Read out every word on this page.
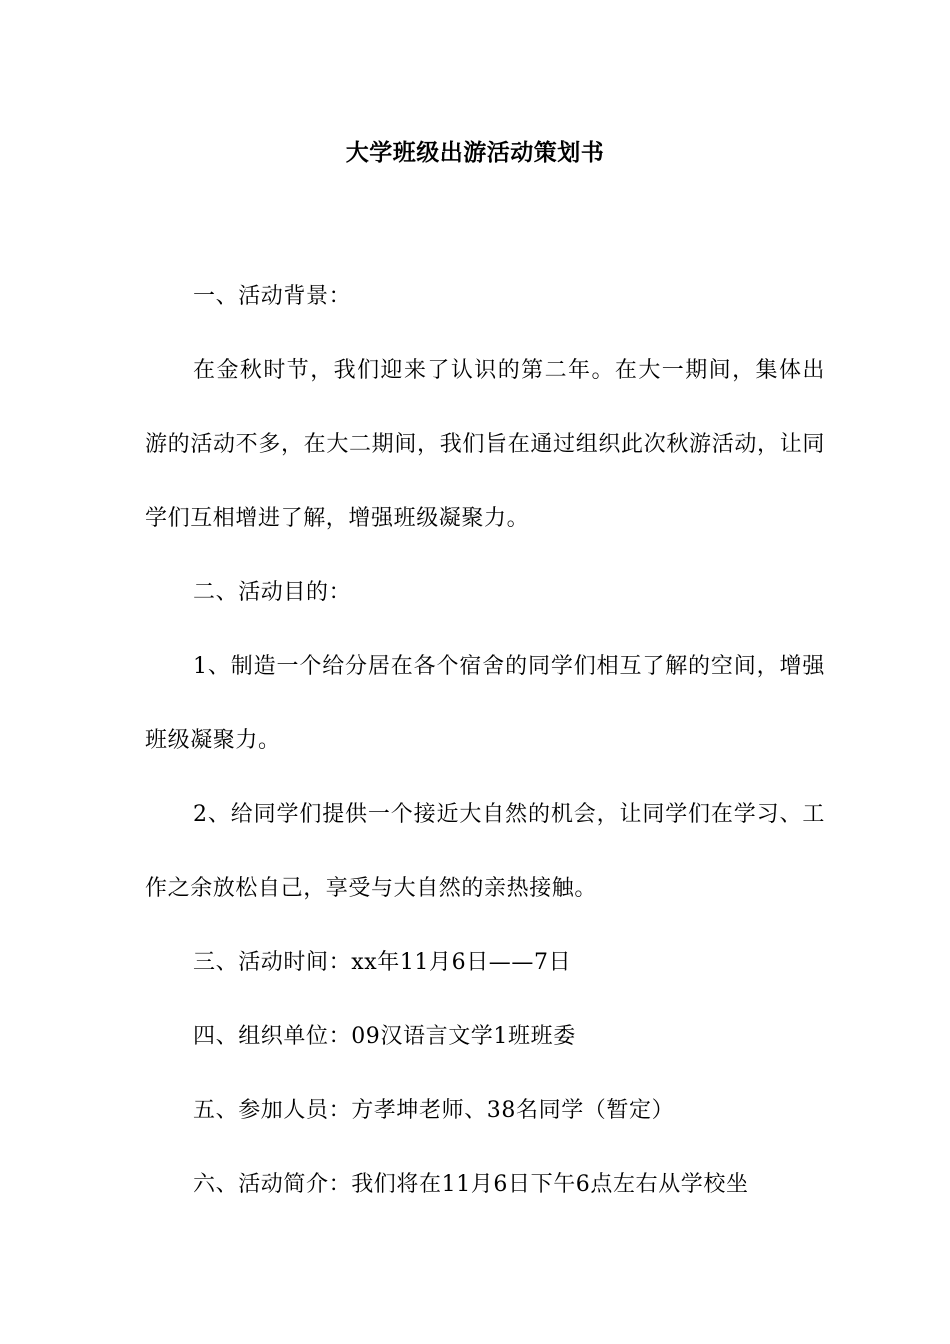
大学班级出游活动策划书

一、活动背景：

在金秋时节，我们迎来了认识的第二年。在大一期间，集体出游的活动不多，在大二期间，我们旨在通过组织此次秋游活动，让同学们互相增进了解，增强班级凝聚力。

二、活动目的：

1、制造一个给分居在各个宿舍的同学们相互了解的空间，增强班级凝聚力。

2、给同学们提供一个接近大自然的机会，让同学们在学习、工作之余放松自己，享受与大自然的亲热接触。

三、活动时间：xx年11月6日——7日

四、组织单位：09汉语言文学1班班委

五、参加人员：方孝坤老师、38名同学（暂定）

六、活动简介：我们将在11月6日下午6点左右从学校坐
